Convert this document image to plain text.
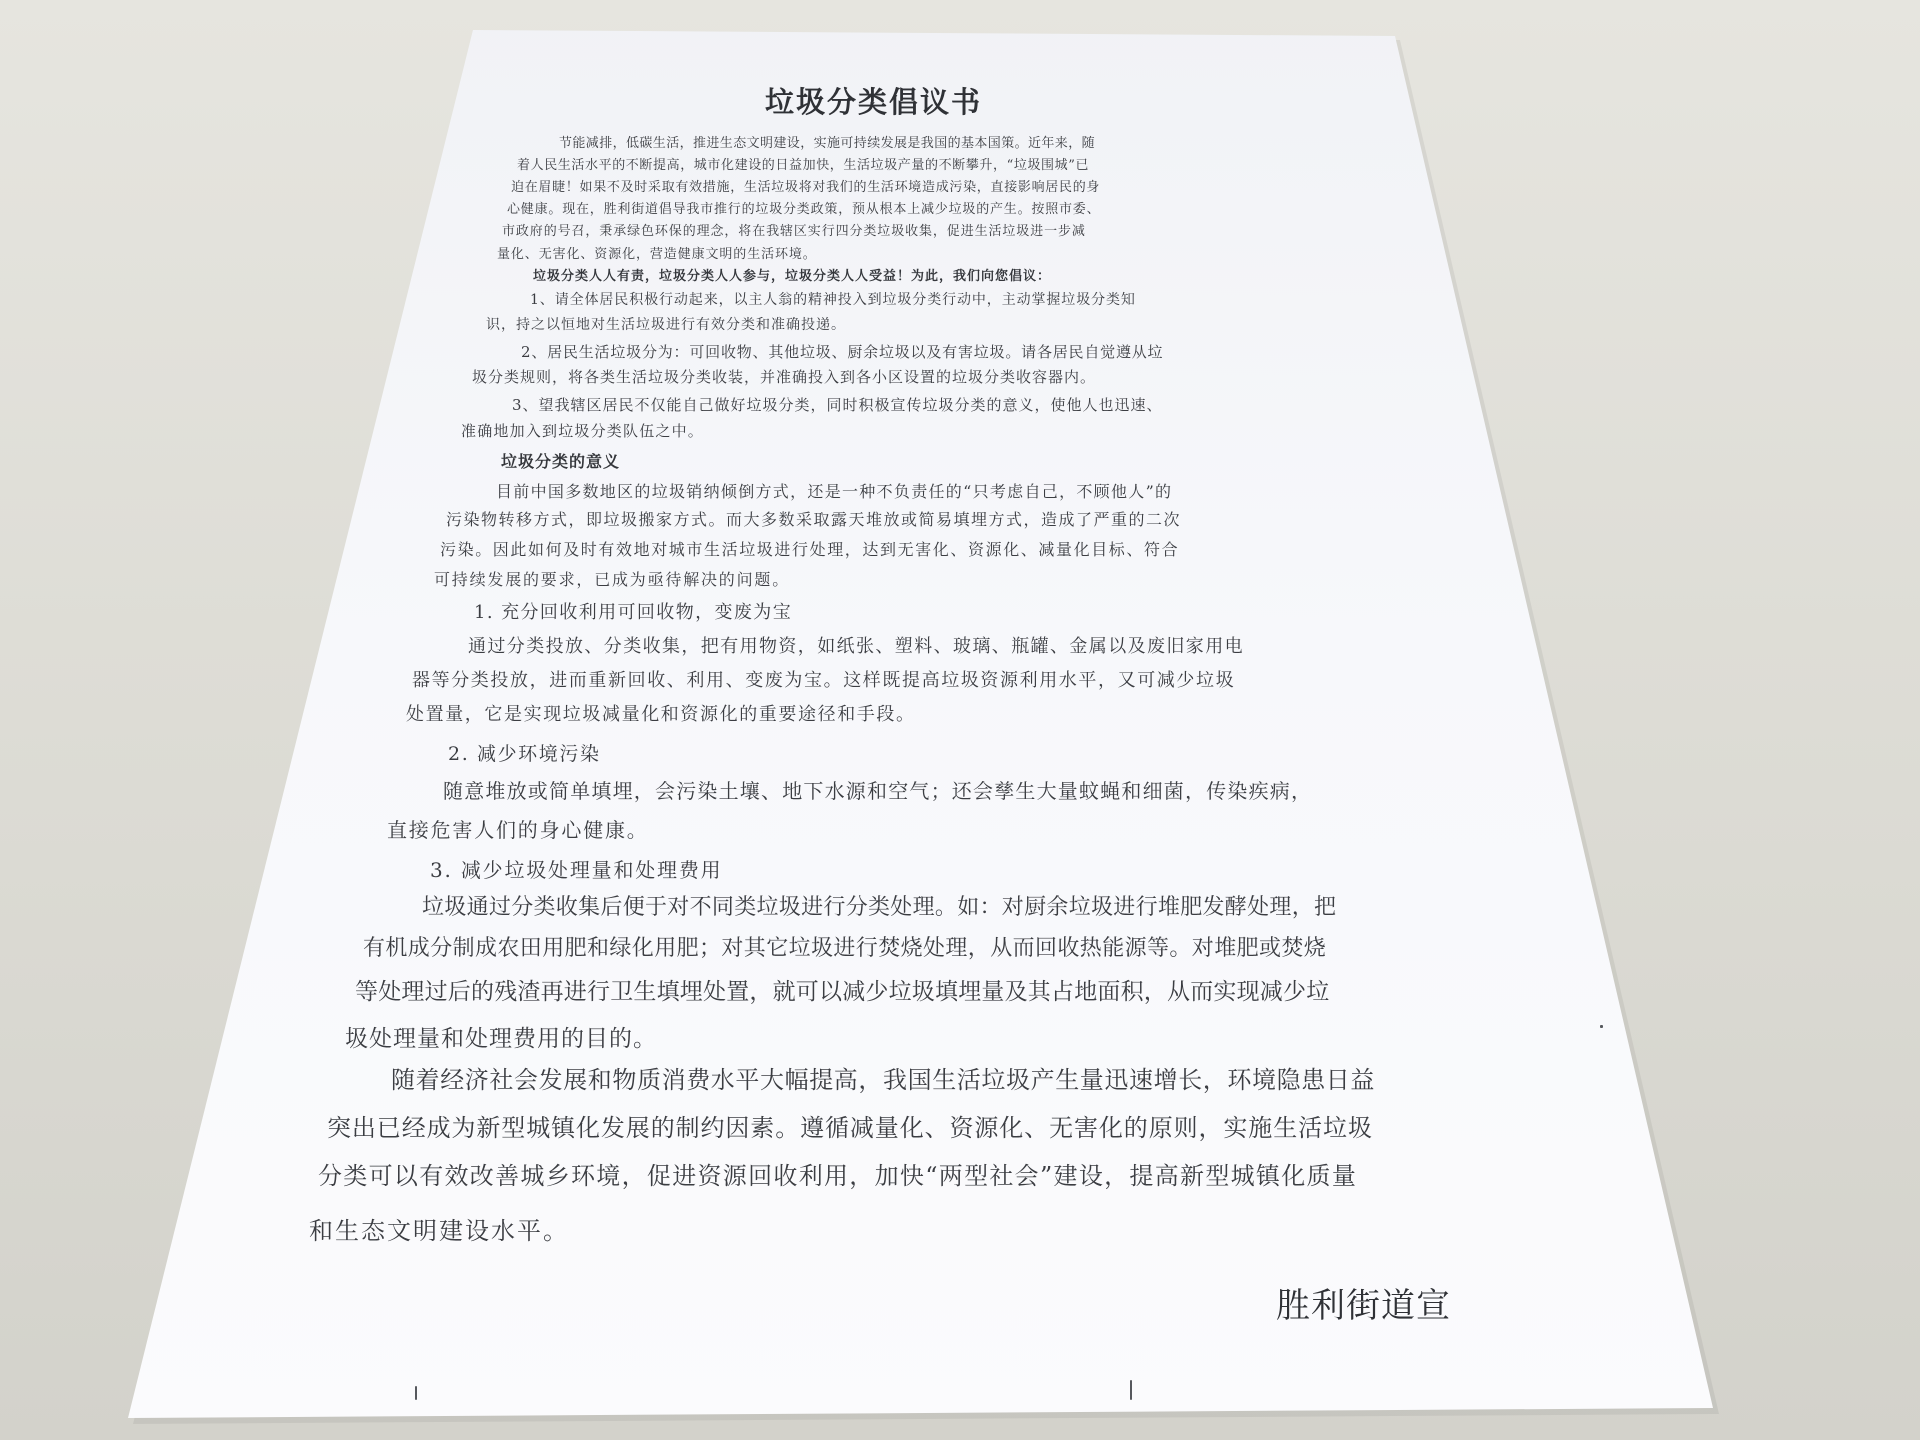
垃圾分类倡议书
节能减排，低碳生活，推进生态文明建设，实施可持续发展是我国的基本国策。近年来，随
着人民生活水平的不断提高，城市化建设的日益加快，生活垃圾产量的不断攀升，“垃圾围城”已
迫在眉睫！如果不及时采取有效措施，生活垃圾将对我们的生活环境造成污染，直接影响居民的身
心健康。现在，胜利街道倡导我市推行的垃圾分类政策，预从根本上减少垃圾的产生。按照市委、
市政府的号召，秉承绿色环保的理念，将在我辖区实行四分类垃圾收集，促进生活垃圾进一步减
量化、无害化、资源化，营造健康文明的生活环境。
垃圾分类人人有责，垃圾分类人人参与，垃圾分类人人受益！为此，我们向您倡议：
1、请全体居民积极行动起来，以主人翁的精神投入到垃圾分类行动中，主动掌握垃圾分类知
识，持之以恒地对生活垃圾进行有效分类和准确投递。
2、居民生活垃圾分为：可回收物、其他垃圾、厨余垃圾以及有害垃圾。请各居民自觉遵从垃
圾分类规则，将各类生活垃圾分类收装，并准确投入到各小区设置的垃圾分类收容器内。
3、望我辖区居民不仅能自己做好垃圾分类，同时积极宣传垃圾分类的意义，使他人也迅速、
准确地加入到垃圾分类队伍之中。
垃圾分类的意义
目前中国多数地区的垃圾销纳倾倒方式，还是一种不负责任的“只考虑自己，不顾他人”的
污染物转移方式，即垃圾搬家方式。而大多数采取露天堆放或简易填埋方式，造成了严重的二次
污染。因此如何及时有效地对城市生活垃圾进行处理，达到无害化、资源化、减量化目标、符合
可持续发展的要求，已成为亟待解决的问题。
1. 充分回收利用可回收物，变废为宝
通过分类投放、分类收集，把有用物资，如纸张、塑料、玻璃、瓶罐、金属以及废旧家用电
器等分类投放，进而重新回收、利用、变废为宝。这样既提高垃圾资源利用水平，又可减少垃圾
处置量，它是实现垃圾减量化和资源化的重要途径和手段。
2. 减少环境污染
随意堆放或简单填埋，会污染土壤、地下水源和空气；还会孳生大量蚊蝇和细菌，传染疾病，
直接危害人们的身心健康。
3. 减少垃圾处理量和处理费用
垃圾通过分类收集后便于对不同类垃圾进行分类处理。如：对厨余垃圾进行堆肥发酵处理，把
有机成分制成农田用肥和绿化用肥；对其它垃圾进行焚烧处理，从而回收热能源等。对堆肥或焚烧
等处理过后的残渣再进行卫生填埋处置，就可以减少垃圾填埋量及其占地面积，从而实现减少垃
圾处理量和处理费用的目的。
随着经济社会发展和物质消费水平大幅提高，我国生活垃圾产生量迅速增长，环境隐患日益
突出已经成为新型城镇化发展的制约因素。遵循减量化、资源化、无害化的原则，实施生活垃圾
分类可以有效改善城乡环境，促进资源回收利用，加快“两型社会”建设，提高新型城镇化质量
和生态文明建设水平。
胜利街道宣
